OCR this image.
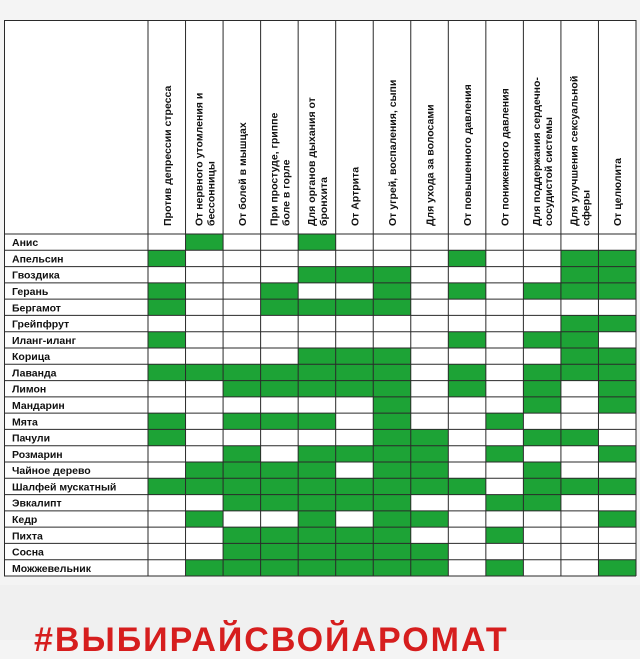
Против депрессии стресса От нервного утомления и бессонницы От болей в мышцах При простуде, гриппе боле в горле Для органов дыхания от бронхита От Артрита От угрей, воспаления, сыпи Для ухода за волосами От повышенного давления От пониженного давления Для поддержания сердечно- сосудистой системы Для улучшения сексуальной сферы От целюлита
Анис
Апельсин
Гвоздика
Герань
Бергамот
Грейпфрут
Иланг-иланг
Корица
Лаванда
Лимон
Мандарин
Мята
Пачули
Розмарин
Чайное дерево
Шалфей мускатный
Эвкалипт
Кедр
Пихта
Сосна
Можжевельник
#ВЫБИРАЙСВОЙАРОМАТ
